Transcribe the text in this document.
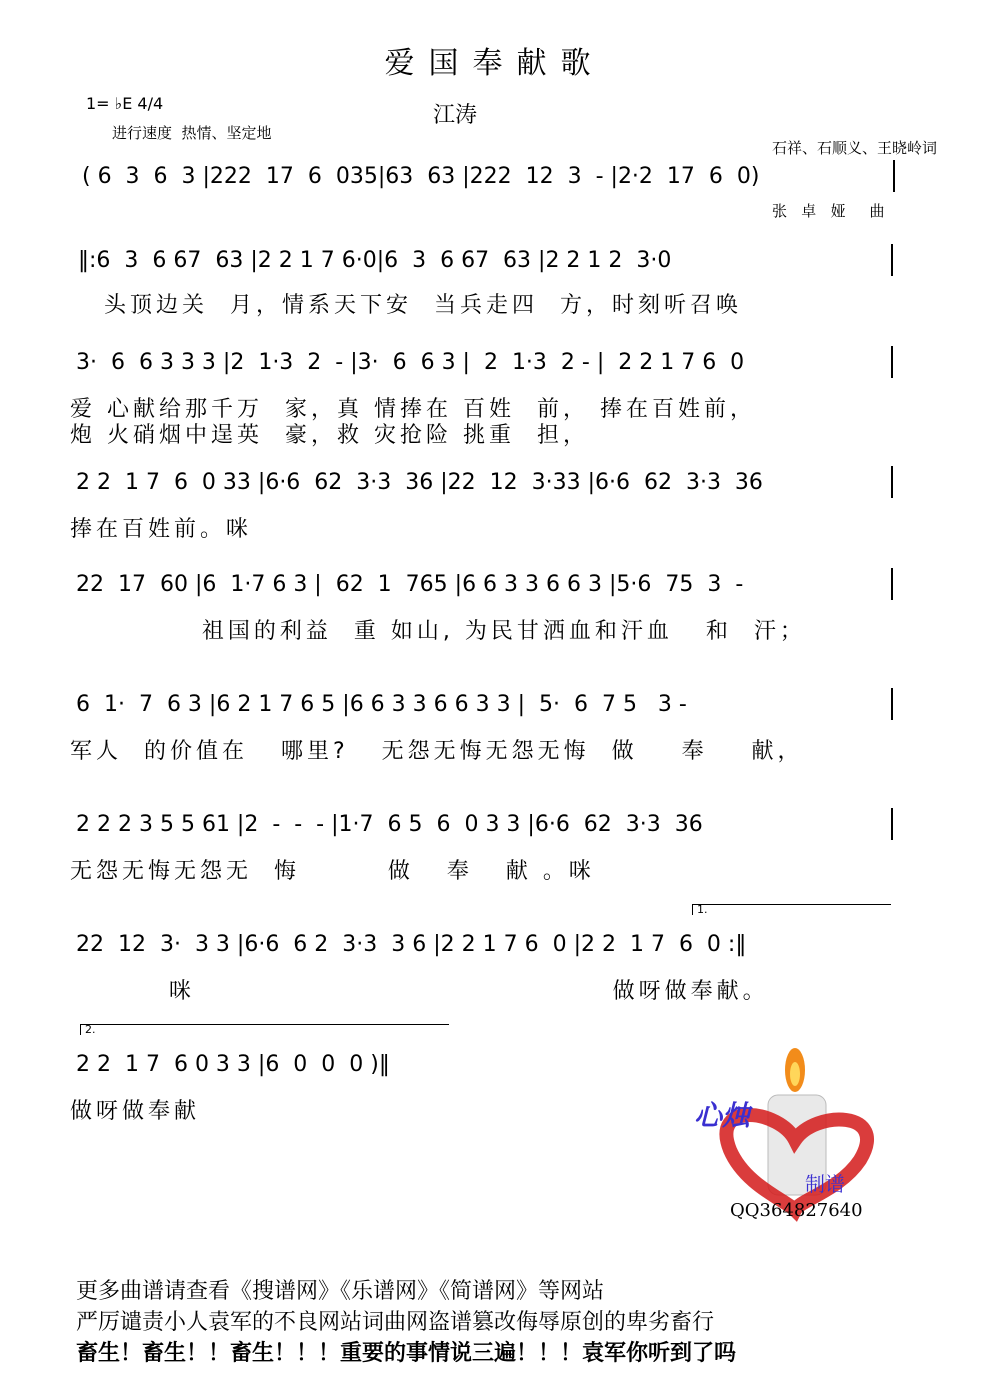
爱国奉献歌
1= ♭E 4/4
进行速度  热情、坚定地
江涛

石祥、石顺义、王晓岭词

张   卓   娅     曲

( 6  3  6  3 |222  17  6  035|63  63 |222  12  3  - |2·2  17  6  0)
‖:6  3  6 67  63 |2 2 1 7 6·0|6  3  6 67  63 |2 2 1 2  3·0
头顶边关  月，情系天下安  当兵走四  方，时刻听召唤
3·  6  6 3 3 3 |2  1·3  2  - |3·  6  6 3 |  2  1·3  2 - |  2 2 1 7 6  0
爱 心献给那千万  家，真 情捧在 百姓  前， 捧在百姓前，
炮 火硝烟中逞英  豪，救 灾抢险 挑重  担，
2 2  1 7  6  0 33 |6·6  62  3·3  36 |22  12  3·33 |6·6  62  3·3  36
捧在百姓前。咪
22  17  60 |6  1·7 6 3 |  62  1  765 |6 6 3 3 6 6 3 |5·6  75  3  -
祖国的利益  重 如山, 为民甘洒血和汗血   和  汗；
6  1·  7  6 3 |6 2 1 7 6 5 |6 6 3 3 6 6 3 3 |  5·  6  7 5   3 -
军人  的价值在   哪里?   无怨无悔无怨无悔  做    奉    献，
2 2 2 3 5 5 61 |2  -  -  - |1·7  6 5  6  0 3 3 |6·6  62  3·3  36
无怨无悔无怨无  悔        做   奉   献 。咪
1.
22  12  3·  3 3 |6·6  6 2  3·3  3 6 |2 2 1 7 6  0 |2 2  1 7  6  0 :‖
咪                                      做呀做奉献。
2.
2 2  1 7  6 0 3 3 |6  0  0  0 )‖
做呀做奉献	心烛
制谱
QQ364827640
更多曲谱请查看《搜谱网》《乐谱网》《简谱网》等网站
严厉谴责小人袁军的不良网站词曲网盗谱篡改侮辱原创的卑劣畜行
畜生！畜生！！畜生！！！重要的事情说三遍！！！袁军你听到了吗
